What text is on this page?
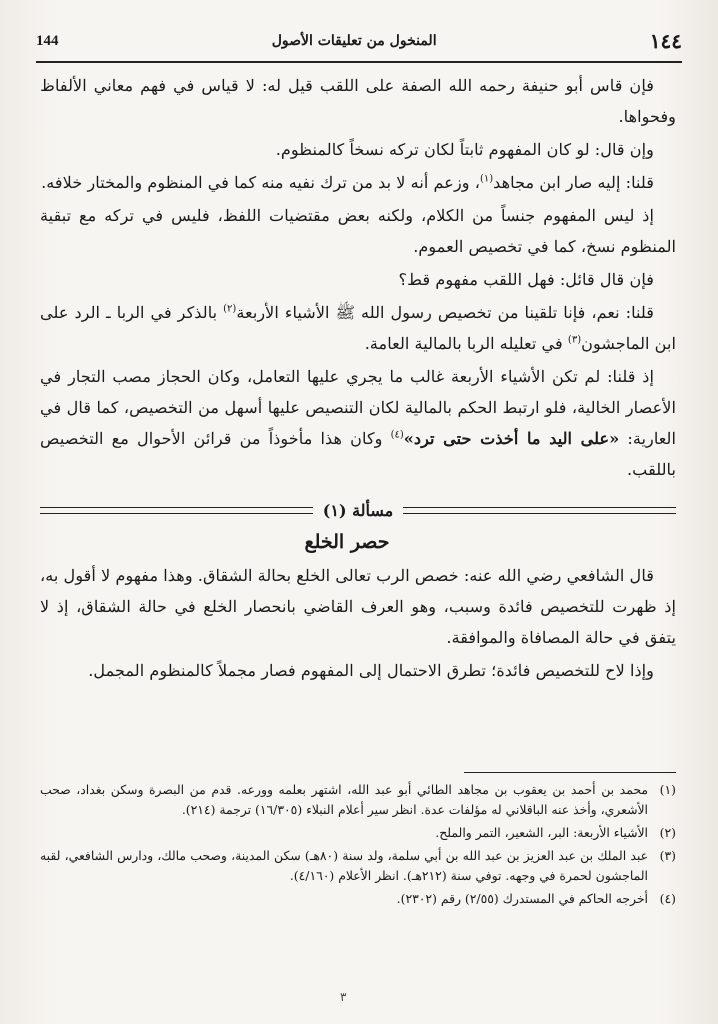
١٤٤
المنخول من تعليقات الأصول
144

فإن قاس أبو حنيفة رحمه الله الصفة على اللقب قيل له: لا قياس في فهم معاني الألفاظ وفحواها.

وإن قال: لو كان المفهوم ثابتاً لكان تركه نسخاً كالمنظوم.

قلنا: إليه صار ابن مجاهد$^{(١)}$، وزعم أنه لا بد من ترك نفيه منه كما في المنظوم والمختار خلافه.

إذ ليس المفهوم جنساً من الكلام، ولكنه بعض مقتضيات اللفظ، فليس في تركه مع تبقية المنظوم نسخ، كما في تخصيص العموم.

فإن قال قائل: فهل اللقب مفهوم قط؟

قلنا: نعم، فإنا تلقينا من تخصيص رسول الله ﷺ الأشياء الأربعة$^{(٢)}$ بالذكر في الربا ـ الرد على ابن الماجشون$^{(٣)}$ في تعليله الربا بالمالية العامة.

إذ قلنا: لم تكن الأشياء الأربعة غالب ما يجري عليها التعامل، وكان الحجاز مصب التجار في الأعصار الخالية، فلو ارتبط الحكم بالمالية لكان التنصيص عليها أسهل من التخصيص، كما قال في العارية: «على اليد ما أخذت حتى ترد»$^{(٤)}$ وكان هذا مأخوذاً من قرائن الأحوال مع التخصيص باللقب.

مسألة (١)

حصر الخلع

قال الشافعي رضي الله عنه: خصص الرب تعالى الخلع بحالة الشقاق. وهذا مفهوم لا أقول به، إذ ظهرت للتخصيص فائدة وسبب، وهو العرف القاضي بانحصار الخلع في حالة الشقاق، إذ لا يتفق في حالة المصافاة والموافقة.

وإذا لاح للتخصيص فائدة؛ تطرق الاحتمال إلى المفهوم فصار مجملاً كالمنظوم المجمل.

(١)
محمد بن أحمد بن يعقوب بن مجاهد الطائي أبو عبد الله، اشتهر بعلمه وورعه. قدم من البصرة وسكن بغداد، صحب الأشعري، وأخذ عنه الباقلاني له مؤلفات عدة. انظر سير أعلام النبلاء (١٦/٣٠٥) ترجمة (٢١٤).
(٢)
الأشياء الأربعة: البر، الشعير، التمر والملح.
(٣)
عبد الملك بن عبد العزيز بن عبد الله بن أبي سلمة، ولد سنة (٨٠هـ) سكن المدينة، وصحب مالك، ودارس الشافعي، لقبه الماجشون لحمرة في وجهه. توفي سنة (٢١٢هـ). انظر الأعلام (٤/١٦٠).
(٤)
أخرجه الحاكم في المستدرك (٢/٥٥) رقم (٢٣٠٢).
٣
